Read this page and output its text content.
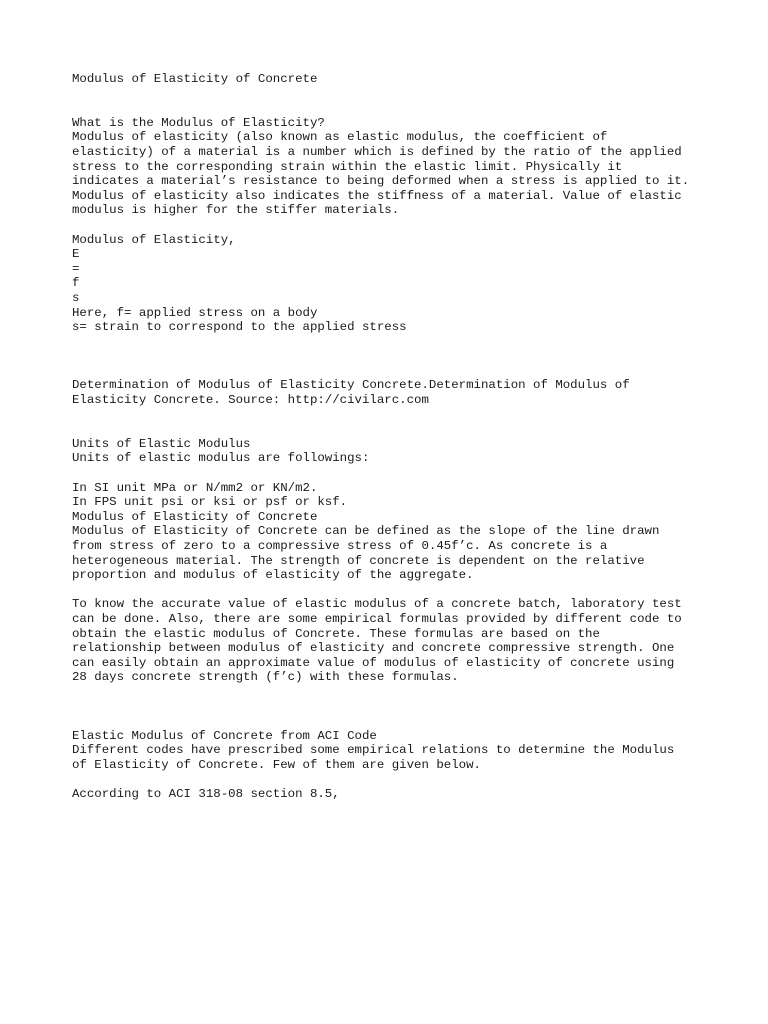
Modulus of Elasticity of Concrete
What is the Modulus of Elasticity?
Modulus of elasticity (also known as elastic modulus, the coefficient of
elasticity) of a material is a number which is defined by the ratio of the applied
stress to the corresponding strain within the elastic limit. Physically it
indicates a material’s resistance to being deformed when a stress is applied to it.
Modulus of elasticity also indicates the stiffness of a material. Value of elastic
modulus is higher for the stiffer materials.
Modulus of Elasticity,
E
=
f
s
Here, f= applied stress on a body
s= strain to correspond to the applied stress
Determination of Modulus of Elasticity Concrete.Determination of Modulus of
Elasticity Concrete. Source: http://civilarc.com
Units of Elastic Modulus
Units of elastic modulus are followings:
In SI unit MPa or N/mm2 or KN/m2.
In FPS unit psi or ksi or psf or ksf.
Modulus of Elasticity of Concrete
Modulus of Elasticity of Concrete can be defined as the slope of the line drawn
from stress of zero to a compressive stress of 0.45f’c. As concrete is a
heterogeneous material. The strength of concrete is dependent on the relative
proportion and modulus of elasticity of the aggregate.
To know the accurate value of elastic modulus of a concrete batch, laboratory test
can be done. Also, there are some empirical formulas provided by different code to
obtain the elastic modulus of Concrete. These formulas are based on the
relationship between modulus of elasticity and concrete compressive strength. One
can easily obtain an approximate value of modulus of elasticity of concrete using
28 days concrete strength (f’c) with these formulas.
Elastic Modulus of Concrete from ACI Code
Different codes have prescribed some empirical relations to determine the Modulus
of Elasticity of Concrete. Few of them are given below.
According to ACI 318-08 section 8.5,
